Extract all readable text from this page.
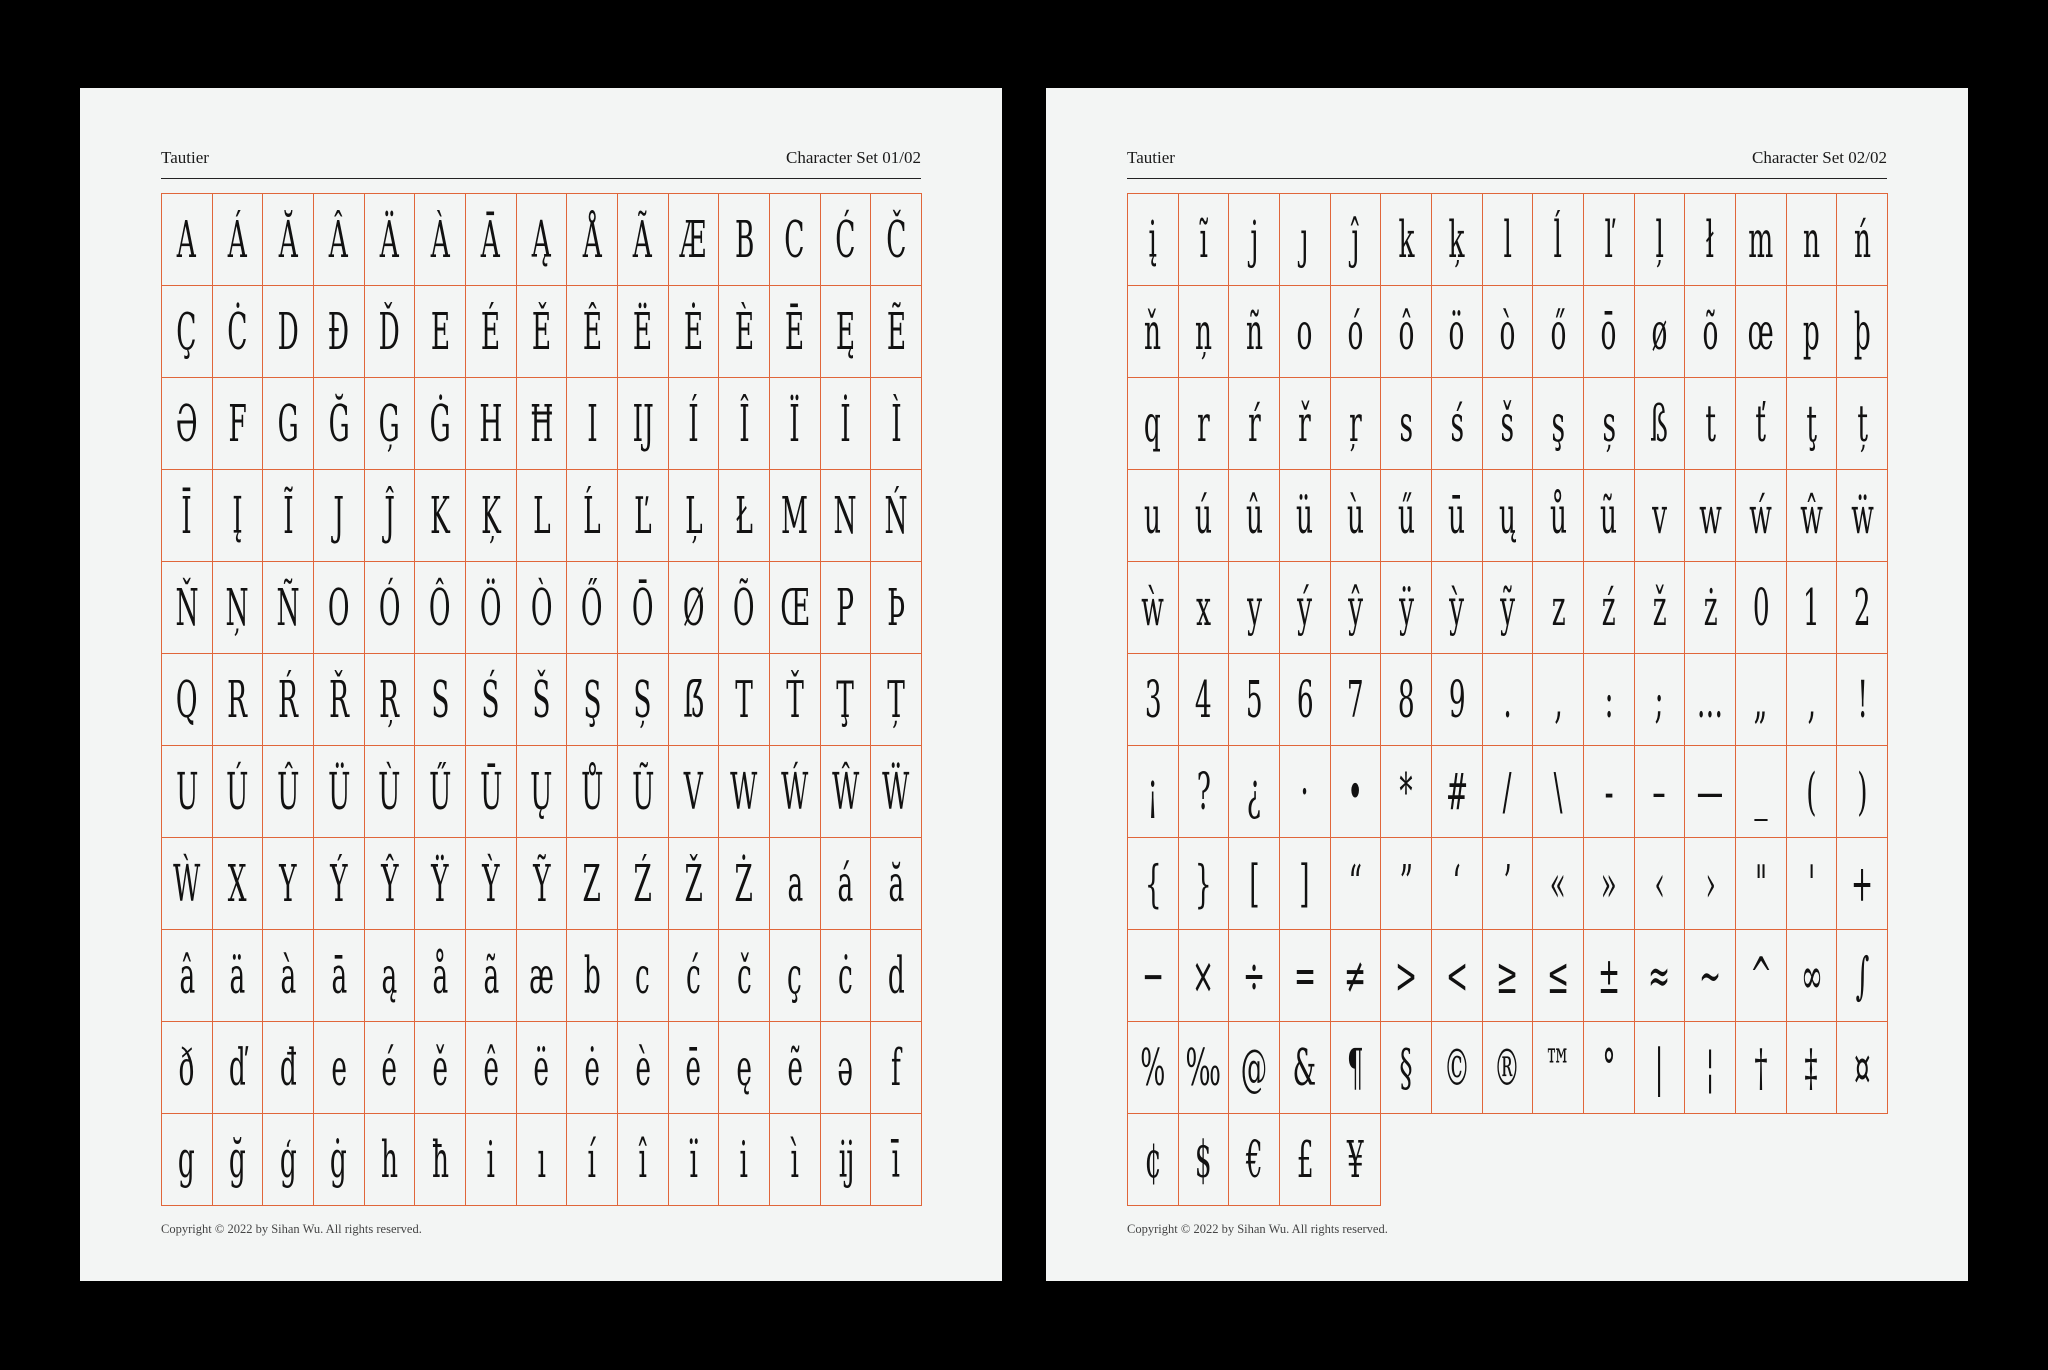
Tautier	Character Set 01/02
A Á Ă Â Ä À Ā Ą Å Ã Æ B C Ć Č
Ç Ċ D Đ Ď E É Ě Ê Ë Ė È Ē Ę Ẽ
Ə F G Ğ Ģ Ġ H Ħ I Ĳ Í Î Ï İ Ì
Ī Į Ĩ J Ĵ K Ķ L Ĺ Ľ Ļ Ł M N Ń
Ň Ņ Ñ O Ó Ô Ö Ò Ő Ō Ø Õ Œ P Þ
Q R Ŕ Ř Ŗ S Ś Š Ş Ș ẞ T Ť Ţ Ț
U Ú Û Ü Ù Ű Ū Ų Ů Ũ V W Ẃ Ŵ Ẅ
Ẁ X Y Ý Ŷ Ÿ Ỳ Ỹ Z Ź Ž Ż a á ă
â ä à ā ą å ã æ b c ć č ç ċ d
ð ď đ e é ě ê ë ė è ē ę ẽ ə f
g ğ ģ ġ h ħ i ı í î ï i ì ĳ ī
Copyright © 2022 by Sihan Wu. All rights reserved.
Tautier	Character Set 02/02
į ĩ j ȷ ĵ k ķ l ĺ ľ ļ ł m n ń
ň ņ ñ o ó ô ö ò ő ō ø õ œ p þ
q r ŕ ř ŗ s ś š ş ș ß t ť ţ ț
u ú û ü ù ű ū ų ů ũ v w ẃ ŵ ẅ
ẁ x y ý ŷ ÿ ỳ ỹ z ź ž ż 0 1 2
3 4 5 6 7 8 9 . , : ; … „ ‚ !
¡ ? ¿ · • * # / \ - – — _ ( )
{ } [ ] “ ” ‘ ’ « » ‹ › " ' +
− × ÷ = ≠ > < ≥ ≤ ± ≈ ~ ^ ∞ ∫
% ‰ @ & ¶ § © ® ™ ° | ¦ † ‡ ¤
¢ $ € £ ¥
Copyright © 2022 by Sihan Wu. All rights reserved.
